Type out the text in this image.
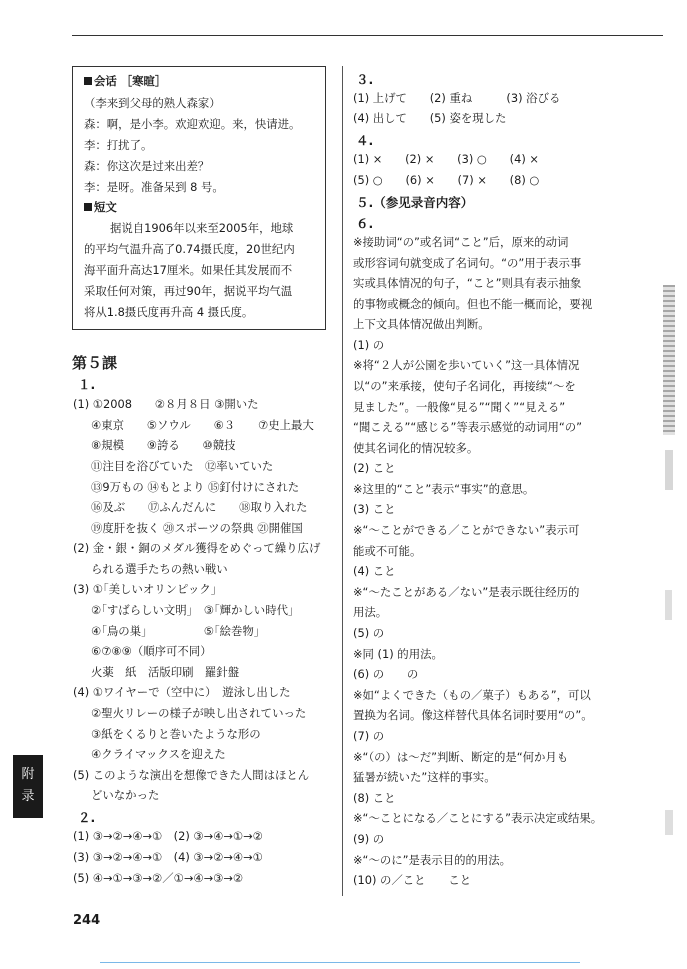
会话 ［寒暄］
（李来到父母的熟人森家）
森：啊，是小李。欢迎欢迎。来，快请进。
李：打扰了。
森：你这次是过来出差？
李：是呀。准备呆到 8 号。
短文
据说自1906年以来至2005年，地球
的平均气温升高了0.74摄氏度，20世纪内
海平面升高达17厘米。如果任其发展而不
采取任何对策，再过90年，据说平均气温
将从1.8摄氏度再升高 4 摄氏度。
第５課
１.
(1) ①2008　　②８月８日 ③開いた
④東京　　⑤ソウル　　⑥３　　⑦史上最大
⑧規模　　⑨誇る　　⑩競技
⑪注目を浴びていた　⑫率いていた
⑬9万もの ⑭もとより ⑮釘付けにされた
⑯及ぶ　　⑰ふんだんに　　⑱取り入れた
⑲度肝を抜く ⑳スポーツの祭典 ㉑開催国
(2) 金・銀・銅のメダル獲得をめぐって繰り広げ
られる選手たちの熱い戦い
(3) ①｢美しいオリンピック｣
②｢すばらしい文明｣　③｢輝かしい時代｣
④｢鳥の巣｣　　　　　⑤｢絵巻物｣
⑥⑦⑧⑨（順序可不同）
火薬　紙　活版印刷　羅針盤
(4) ①ワイヤーで（空中に）　遊泳し出した
②聖火リレーの様子が映し出されていった
③紙をくるりと巻いたような形の
④クライマックスを迎えた
(5) このような演出を想像できた人間はほとん
どいなかった
２.
(1) ③→②→④→①　(2) ③→④→①→②
(3) ③→②→④→①　(4) ③→②→④→①
(5) ④→①→③→②／①→④→③→②
３.
(1) 上げて　　(2) 重ね　　　(3) 浴びる
(4) 出して　　(5) 姿を現した
４.
(1) ×　　(2) ×　　(3) ○　　(4) ×
(5) ○　　(6) ×　　(7) ×　　(8) ○
５.（参见录音内容）
６.
※接助词“の”或名词“こと”后，原来的动词
或形容词句就变成了名词句。“の”用于表示事
实或具体情况的句子，“こと”则具有表示抽象
的事物或概念的倾向。但也不能一概而论，要视
上下文具体情况做出判断。
(1) の
※将“２人が公園を歩いていく”这一具体情况
以“の”来承接，使句子名词化，再接续“～を
見ました”。一般像“見る”“聞く”“見える”
“聞こえる”“感じる”等表示感觉的动词用“の”
使其名词化的情况较多。
(2) こと
※这里的“こと”表示“事实”的意思。
(3) こと
※“～ことができる／ことができない”表示可
能或不可能。
(4) こと
※“～たことがある／ない”是表示既往经历的
用法。
(5) の
※同 (1) 的用法。
(6) の　　の
※如“よくできた（もの／菓子）もある”，可以
置换为名词。像这样替代具体名词时要用“の”。
(7) の
※“（の）は～だ”判断、断定的是“何か月も
猛暑が続いた”这样的事实。
(8) こと
※“～ことになる／ことにする”表示决定或结果。
(9) の
※“～のに”是表示目的的用法。
(10) の／こと　　こと
附
录
244
